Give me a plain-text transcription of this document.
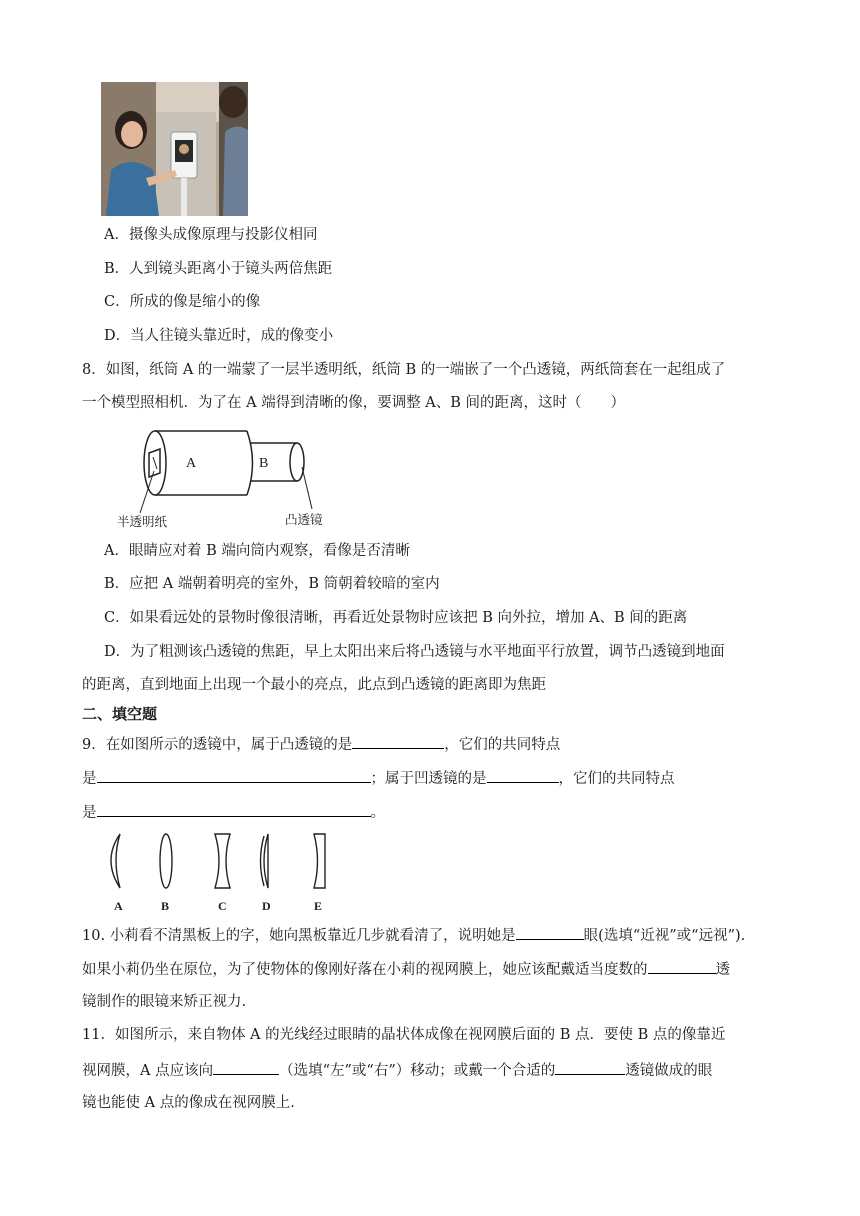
A．摄像头成像原理与投影仪相同
B．人到镜头距离小于镜头两倍焦距
C．所成的像是缩小的像
D．当人往镜头靠近时，成的像变小
8．如图，纸筒 A 的一端蒙了一层半透明纸，纸筒 B 的一端嵌了一个凸透镜，两纸筒套在一起组成了
一个模型照相机．为了在 A 端得到清晰的像，要调整 A、B 间的距离，这时（　　）
A	B
半透明纸	凸透镜
A．眼睛应对着 B 端向筒内观察，看像是否清晰
B．应把 A 端朝着明亮的室外，B 筒朝着较暗的室内
C．如果看远处的景物时像很清晰，再看近处景物时应该把 B 向外拉，增加 A、B 间的距离
D．为了粗测该凸透镜的焦距，早上太阳出来后将凸透镜与水平地面平行放置，调节凸透镜到地面
的距离，直到地面上出现一个最小的亮点，此点到凸透镜的距离即为焦距
二、填空题
9．在如图所示的透镜中，属于凸透镜的是	，它们的共同特点
是	；属于凹透镜的是	，它们的共同特点
是	。
A	B	C	D	E
10. 小莉看不清黑板上的字，她向黑板靠近几步就看清了，说明她是	眼(选填“近视”或“远视”).
如果小莉仍坐在原位，为了使物体的像刚好落在小莉的视网膜上，她应该配戴适当度数的	透
镜制作的眼镜来矫正视力.
11．如图所示，来自物体 A 的光线经过眼睛的晶状体成像在视网膜后面的 B 点．要使 B 点的像靠近
视网膜，A 点应该向	（选填“左”或“右”）移动；或戴一个合适的	透镜做成的眼
镜也能使 A 点的像成在视网膜上．
